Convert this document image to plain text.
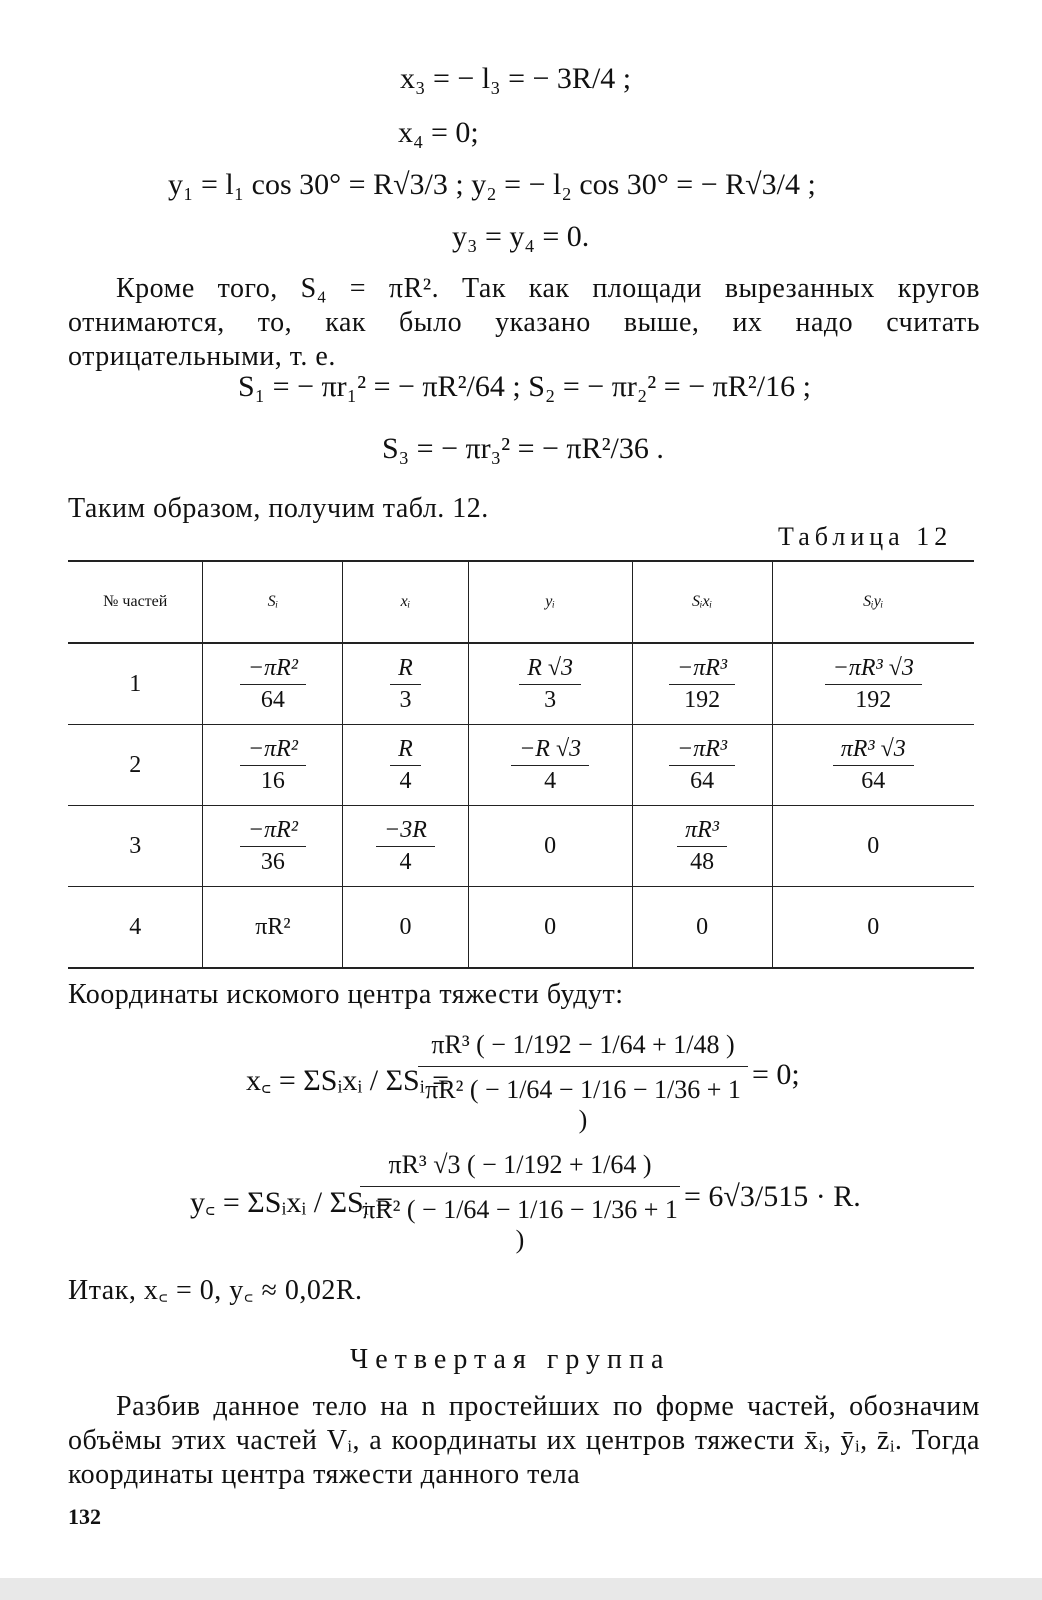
x₃ = − l₃ = − 3R/4 ;
x₄ = 0;
y₁ = l₁ cos 30° = R√3/3 ; y₂ = − l₂ cos 30° = − R√3/4 ;
y₃ = y₄ = 0.
Кроме того, S₄ = πR². Так как площади вырезанных кругов отнимаются, то, как было указано выше, их надо считать отрицательными, т. е.
S₁ = − πr₁² = − πR²/64 ; S₂ = − πr₂² = − πR²/16 ;
S₃ = − πr₃² = − πR²/36 .
Таким образом, получим табл. 12.
Таблица 12
№ частей	Sᵢ	xᵢ	yᵢ	Sᵢxᵢ	Sᵢyᵢ
1	$\frac{\text{−πR²}}{64}$	$\frac{R}{3}$	$\frac{R √3}{3}$	$\frac{\text{−πR³}}{192}$	$\frac{\text{−πR³ √3}}{192}$

2	$\frac{\text{−πR²}}{16}$	$\frac{R}{4}$	$\frac{-R √3}{4}$	$\frac{\text{−πR³}}{64}$	$\frac{\text{πR³ √3}}{64}$

3	$\frac{\text{−πR²}}{36}$	$\frac{-3R}{4}$	0	$\frac{\text{πR³}}{48}$	0
4	πR²	0	0	0	0
Координаты искомого центра тяжести будут:
x꜀ = ΣSᵢxᵢ / ΣSᵢ =
$\frac{\text{πR³ ( − 1/192 − 1/64 + 1/48 )}}{\text{πR² ( − 1/64 − 1/16 − 1/36 + 1 )}} = 0$;
y꜀ = ΣSᵢxᵢ / ΣSᵢ =
$\frac{\text{πR³ √3 ( − 1/192 + 1/64 )}}{\text{πR² ( − 1/64 − 1/16 − 1/36 + 1 )}} = 6√3/515 \cdot R$.
Итак, x꜀ = 0, y꜀ ≈ 0,02R.
Четвертая группа
Разбив данное тело на n простейших по форме частей, обозначим объёмы этих частей Vᵢ, а координаты их центров тяжести x̄ᵢ, ȳᵢ, z̄ᵢ. Тогда координаты центра тяжести данного тела
132
